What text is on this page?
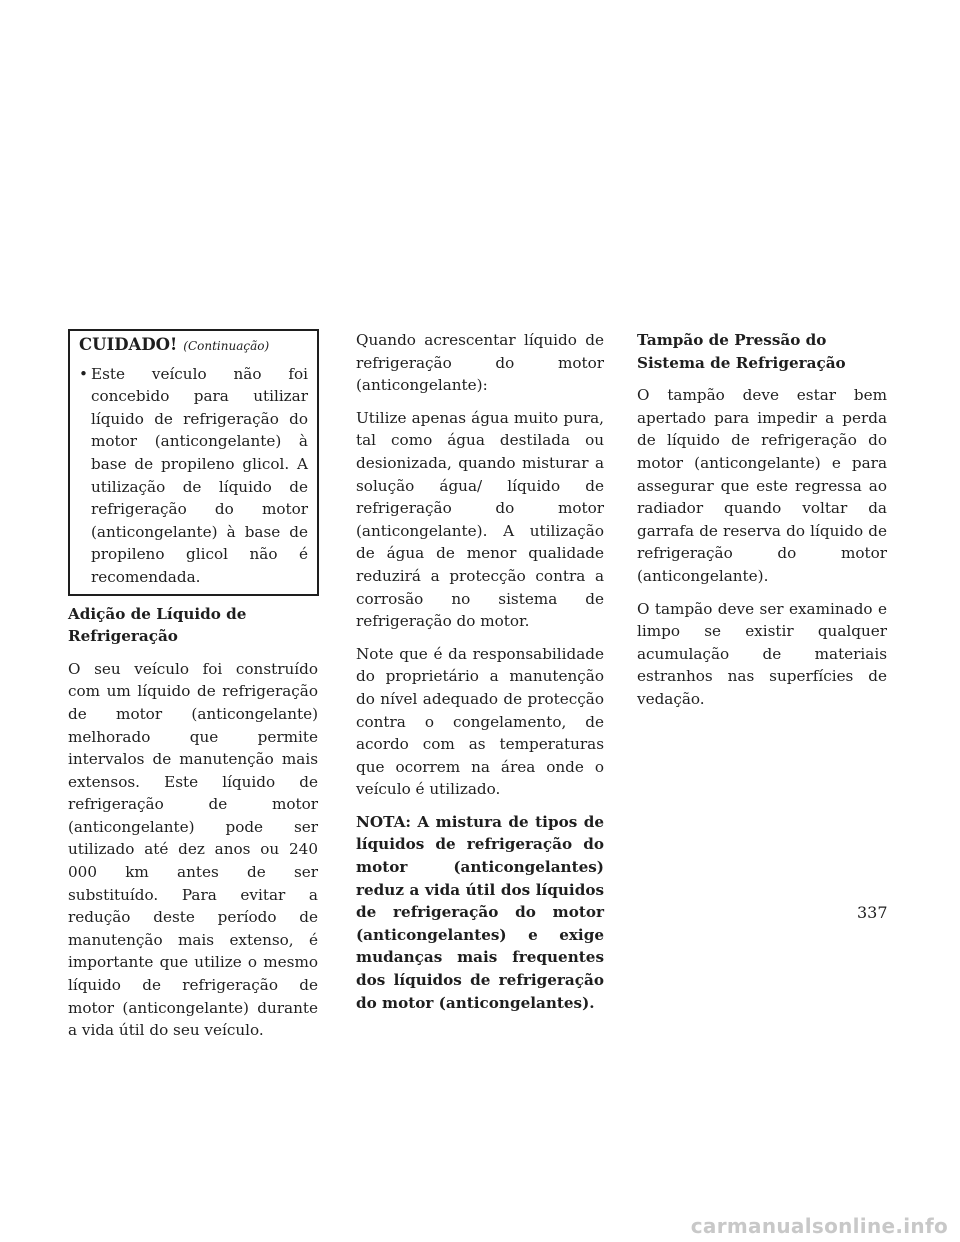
CUIDADO! (Continuação)
• Este veículo não foi concebido para utilizar líquido de refrigeração do motor (anticongelante) à base de propileno glicol. A utilização de líquido de refrigeração do motor (anticongelante) à base de propileno glicol não é recomendada.
Adição de Líquido de Refrigeração

O seu veículo foi construído com um líquido de refrigeração de motor (anticongelante) melhorado que permite intervalos de manutenção mais extensos. Este líquido de refrigeração de motor (anticongelante) pode ser utilizado até dez anos ou 240 000 km antes de ser substituído. Para evitar a redução deste período de manutenção mais extenso, é importante que utilize o mesmo líquido de refrigeração de motor (anticongelante) durante a vida útil do seu veículo.

Quando acrescentar líquido de refrigeração do motor (anticongelante):

Utilize apenas água muito pura, tal como água destilada ou desionizada, quando misturar a solução água/ líquido de refrigeração do motor (anticongelante). A utilização de água de menor qualidade reduzirá a protecção contra a corrosão no sistema de refrigeração do motor.

Note que é da responsabilidade do proprietário a manutenção do nível adequado de protecção contra o congelamento, de acordo com as temperaturas que ocorrem na área onde o veículo é utilizado.

NOTA: A mistura de tipos de líquidos de refrigeração do motor (anticongelantes) reduz a vida útil dos líquidos de refrigeração do motor (anticongelantes) e exige mudanças mais frequentes dos líquidos de refrigeração do motor (anticongelantes).

Tampão de Pressão do Sistema de Refrigeração

O tampão deve estar bem apertado para impedir a perda de líquido de refrigeração do motor (anticongelante) e para assegurar que este regressa ao radiador quando voltar da garrafa de reserva do líquido de refrigeração do motor (anticongelante).

O tampão deve ser examinado e limpo se existir qualquer acumulação de materiais estranhos nas superfícies de vedação.

337
carmanualsonline.info
